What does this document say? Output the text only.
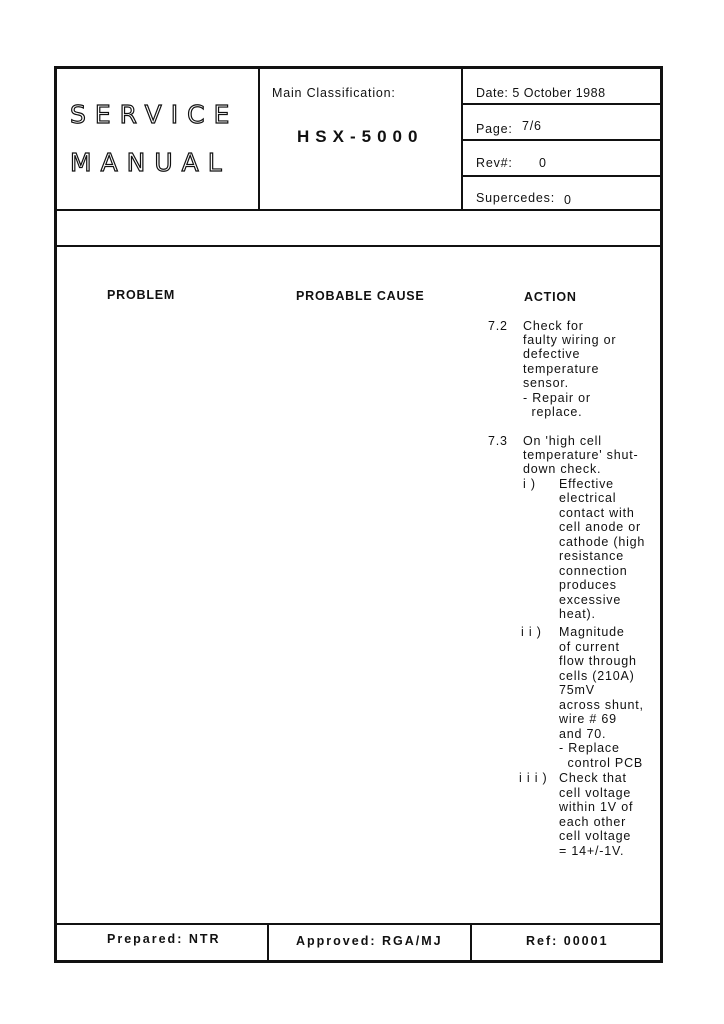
SERVICE
MANUAL
Main Classification:
HSX-5000
Date: 5 October 1988
Page: 7/6
Rev#: 0
Supercedes: 0
PROBLEM	PROBABLE CAUSE	ACTION
7.2 Check for
faulty wiring or
defective
temperature
sensor.
- Repair or
replace.
7.3 On 'high cell
temperature' shut-
down check.
i ) Effective
electrical
contact with
cell anode or
cathode (high
resistance
connection
produces
excessive
heat).
i i ) Magnitude
of current
flow through
cells (210A)
75mV
across shunt,
wire # 69
and 70.
- Replace
control PCB
i i i ) Check that
cell voltage
within 1V of
each other
cell voltage
= 14+/-1V.
Prepared: NTR	Approved: RGA/MJ	Ref: 00001
